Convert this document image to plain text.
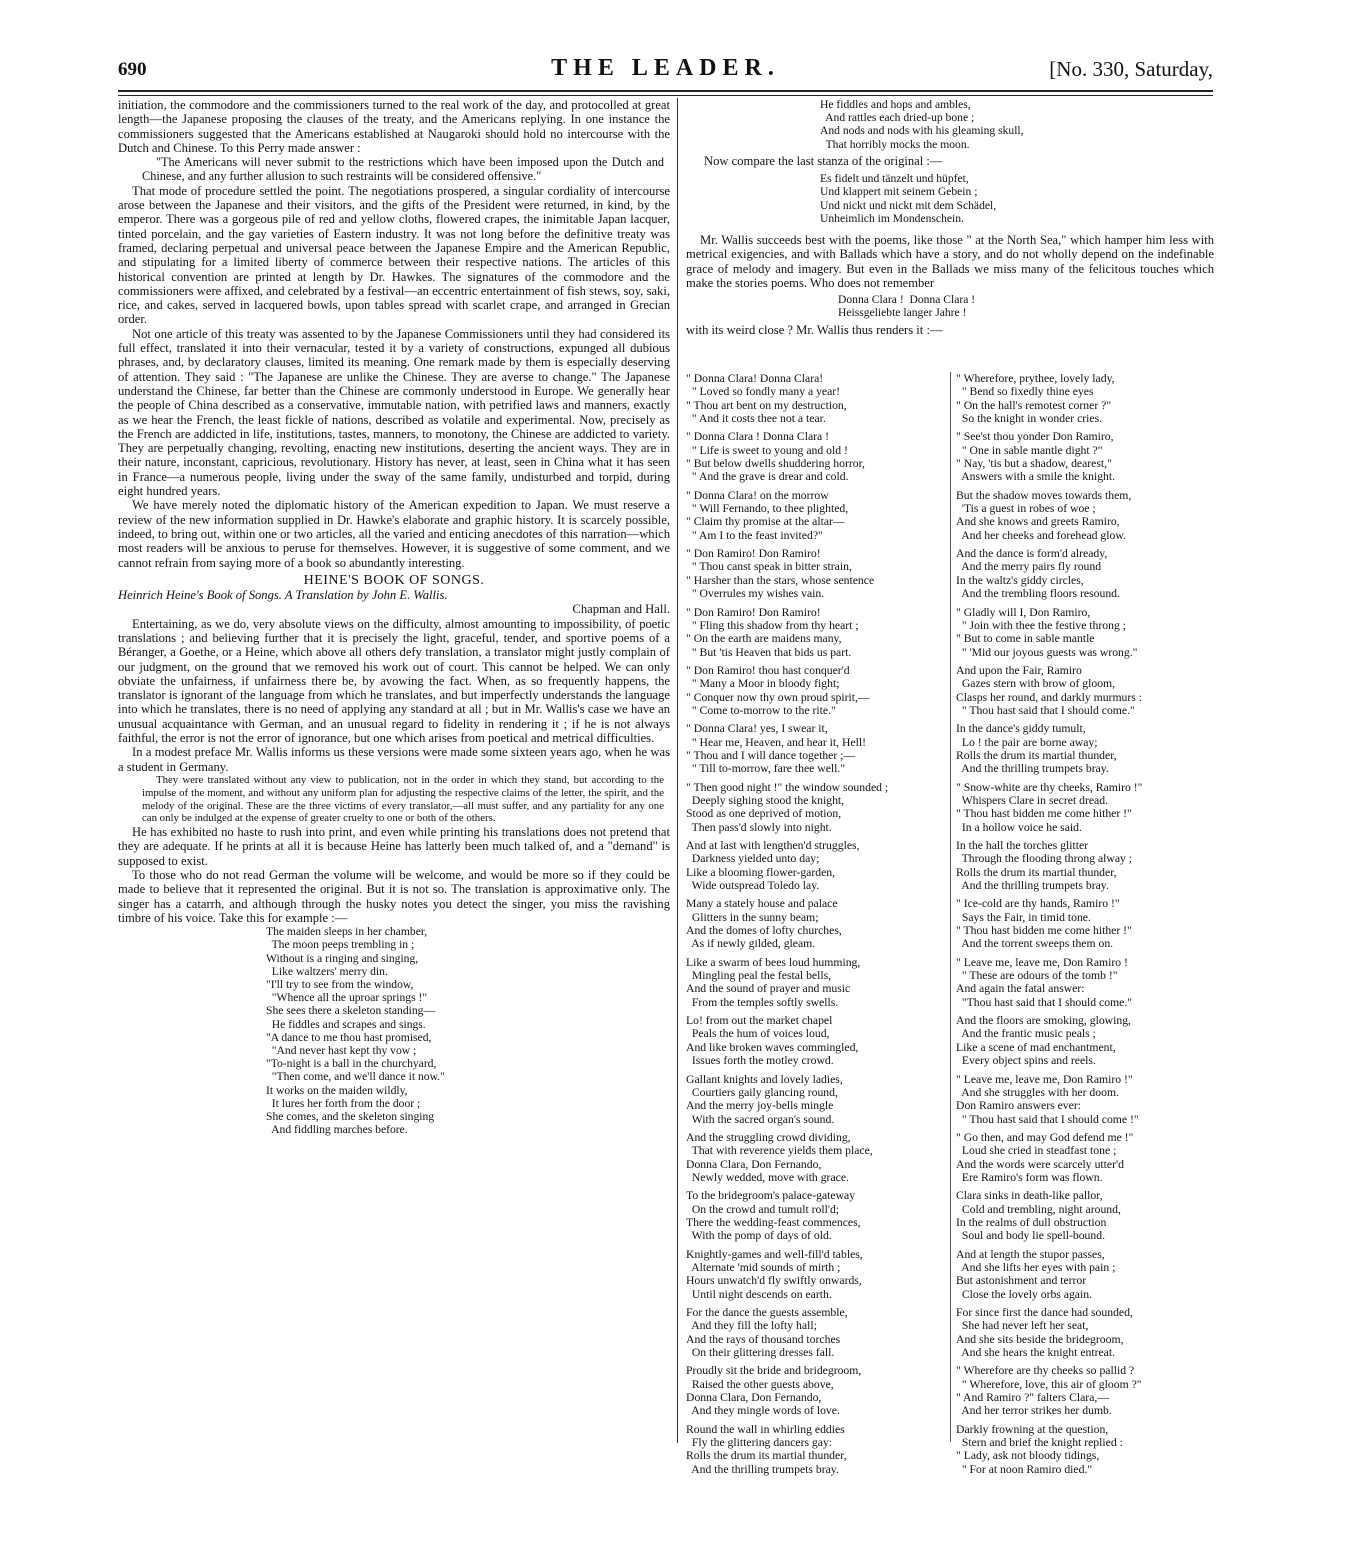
690	THE LEADER.	[No. 330, Saturday,

initiation, the commodore and the commissioners turned to the real work of the day, and protocolled at great length—the Japanese proposing the clauses of the treaty, and the Americans replying. In one instance the commissioners suggested that the Americans established at Naugaroki should hold no intercourse with the Dutch and Chinese. To this Perry made answer :

"The Americans will never submit to the restrictions which have been imposed upon the Dutch and Chinese, and any further allusion to such restraints will be considered offensive."

That mode of procedure settled the point. The negotiations prospered, a singular cordiality of intercourse arose between the Japanese and their visitors, and the gifts of the President were returned, in kind, by the emperor. There was a gorgeous pile of red and yellow cloths, flowered crapes, the inimitable Japan lacquer, tinted porcelain, and the gay varieties of Eastern industry. It was not long before the definitive treaty was framed, declaring perpetual and universal peace between the Japanese Empire and the American Republic, and stipulating for a limited liberty of commerce between their respective nations. The articles of this historical convention are printed at length by Dr. Hawkes. The signatures of the commodore and the commissioners were affixed, and celebrated by a festival—an eccentric entertainment of fish stews, soy, saki, rice, and cakes, served in lacquered bowls, upon tables spread with scarlet crape, and arranged in Grecian order.

Not one article of this treaty was assented to by the Japanese Commissioners until they had considered its full effect, translated it into their vernacular, tested it by a variety of constructions, expunged all dubious phrases, and, by declaratory clauses, limited its meaning. One remark made by them is especially deserving of attention. They said : "The Japanese are unlike the Chinese. They are averse to change." The Japanese understand the Chinese, far better than the Chinese are commonly understood in Europe. We generally hear the people of China described as a conservative, immutable nation, with petrified laws and manners, exactly as we hear the French, the least fickle of nations, described as volatile and experimental. Now, precisely as the French are addicted in life, institutions, tastes, manners, to monotony, the Chinese are addicted to variety. They are perpetually changing, revolting, enacting new institutions, deserting the ancient ways. They are in their nature, inconstant, capricious, revolutionary. History has never, at least, seen in China what it has seen in France—a numerous people, living under the sway of the same family, undisturbed and torpid, during eight hundred years.

We have merely noted the diplomatic history of the American expedition to Japan. We must reserve a review of the new information supplied in Dr. Hawke's elaborate and graphic history. It is scarcely possible, indeed, to bring out, within one or two articles, all the varied and enticing anecdotes of this narration—which most readers will be anxious to peruse for themselves. However, it is suggestive of some comment, and we cannot refrain from saying more of a book so abundantly interesting.

HEINE'S BOOK OF SONGS.

Heinrich Heine's Book of Songs. A Translation by John E. Wallis.

Chapman and Hall.

Entertaining, as we do, very absolute views on the difficulty, almost amounting to impossibility, of poetic translations ; and believing further that it is precisely the light, graceful, tender, and sportive poems of a Béranger, a Goethe, or a Heine, which above all others defy translation, a translator might justly complain of our judgment, on the ground that we removed his work out of court. This cannot be helped. We can only obviate the unfairness, if unfairness there be, by avowing the fact. When, as so frequently happens, the translator is ignorant of the language from which he translates, and but imperfectly understands the language into which he translates, there is no need of applying any standard at all ; but in Mr. Wallis's case we have an unusual acquaintance with German, and an unusual regard to fidelity in rendering it ; if he is not always faithful, the error is not the error of ignorance, but one which arises from poetical and metrical difficulties.

In a modest preface Mr. Wallis informs us these versions were made some sixteen years ago, when he was a student in Germany.

They were translated without any view to publication, not in the order in which they stand, but according to the impulse of the moment, and without any uniform plan for adjusting the respective claims of the letter, the spirit, and the melody of the original. These are the three victims of every translator,—all must suffer, and any partiality for any one can only be indulged at the expense of greater cruelty to one or both of the others.

He has exhibited no haste to rush into print, and even while printing his translations does not pretend that they are adequate. If he prints at all it is because Heine has latterly been much talked of, and a "demand" is supposed to exist.

To those who do not read German the volume will be welcome, and would be more so if they could be made to believe that it represented the original. But it is not so. The translation is approximative only. The singer has a catarrh, and although through the husky notes you detect the singer, you miss the ravishing timbre of his voice. Take this for example :—

The maiden sleeps in her chamber,
The moon peeps trembling in ;
Without is a ringing and singing,
Like waltzers' merry din.
"I'll try to see from the window,
"Whence all the uproar springs !"
She sees there a skeleton standing—
He fiddles and scrapes and sings.
"A dance to me thou hast promised,
"And never hast kept thy vow ;
"To-night is a ball in the churchyard,
"Then come, and we'll dance it now."
It works on the maiden wildly,
It lures her forth from the door ;
She comes, and the skeleton singing
And fiddling marches before.
He fiddles and hops and ambles,
And rattles each dried-up bone ;
And nods and nods with his gleaming skull,
That horribly mocks the moon.

Now compare the last stanza of the original :—

Es fidelt und tänzelt und hüpfet,
Und klappert mit seinem Gebein ;
Und nickt und nickt mit dem Schädel,
Unheimlich im Mondenschein.

Mr. Wallis succeeds best with the poems, like those " at the North Sea," which hamper him less with metrical exigencies, and with Ballads which have a story, and do not wholly depend on the indefinable grace of melody and imagery. But even in the Ballads we miss many of the felicitous touches which make the stories poems. Who does not remember

Donna Clara !  Donna Clara !
Heissgeliebte langer Jahre !

with its weird close ? Mr. Wallis thus renders it :—

" Donna Clara! Donna Clara!
" Loved so fondly many a year!
" Thou art bent on my destruction,
" And it costs thee not a tear.
" Donna Clara ! Donna Clara !
" Life is sweet to young and old !
" But below dwells shuddering horror,
" And the grave is drear and cold.
" Donna Clara! on the morrow
" Will Fernando, to thee plighted,
" Claim thy promise at the altar—
" Am I to the feast invited?"
" Don Ramiro! Don Ramiro!
" Thou canst speak in bitter strain,
" Harsher than the stars, whose sentence
" Overrules my wishes vain.
" Don Ramiro! Don Ramiro!
" Fling this shadow from thy heart ;
" On the earth are maidens many,
" But 'tis Heaven that bids us part.
" Don Ramiro! thou hast conquer'd
" Many a Moor in bloody fight;
" Conquer now thy own proud spirit,—
" Come to-morrow to the rite."
" Donna Clara! yes, I swear it,
" Hear me, Heaven, and hear it, Hell!
" Thou and I will dance together ;—
" Till to-morrow, fare thee well."
" Then good night !" the window sounded ;
Deeply sighing stood the knight,
Stood as one deprived of motion,
Then pass'd slowly into night.
And at last with lengthen'd struggles,
Darkness yielded unto day;
Like a blooming flower-garden,
Wide outspread Toledo lay.
Many a stately house and palace
Glitters in the sunny beam;
And the domes of lofty churches,
As if newly gilded, gleam.
Like a swarm of bees loud humming,
Mingling peal the festal bells,
And the sound of prayer and music
From the temples softly swells.
Lo! from out the market chapel
Peals the hum of voices loud,
And like broken waves commingled,
Issues forth the motley crowd.
Gallant knights and lovely ladies,
Courtiers gaily glancing round,
And the merry joy-bells mingle
With the sacred organ's sound.
And the struggling crowd dividing,
That with reverence yields them place,
Donna Clara, Don Fernando,
Newly wedded, move with grace.
To the bridegroom's palace-gateway
On the crowd and tumult roll'd;
There the wedding-feast commences,
With the pomp of days of old.
Knightly-games and well-fill'd tables,
Alternate 'mid sounds of mirth ;
Hours unwatch'd fly swiftly onwards,
Until night descends on earth.
For the dance the guests assemble,
And they fill the lofty hall;
And the rays of thousand torches
On their glittering dresses fall.
Proudly sit the bride and bridegroom,
Raised the other guests above,
Donna Clara, Don Fernando,
And they mingle words of love.
Round the wall in whirling eddies
Fly the glittering dancers gay:
Rolls the drum its martial thunder,
And the thrilling trumpets bray.
" Wherefore, prythee, lovely lady,
" Bend so fixedly thine eyes
" On the hall's remotest corner ?"
So the knight in wonder cries.
" See'st thou yonder Don Ramiro,
" One in sable mantle dight ?"
" Nay, 'tis but a shadow, dearest,"
Answers with a smile the knight.
But the shadow moves towards them,
'Tis a guest in robes of woe ;
And she knows and greets Ramiro,
And her cheeks and forehead glow.
And the dance is form'd already,
And the merry pairs fly round
In the waltz's giddy circles,
And the trembling floors resound.
" Gladly will I, Don Ramiro,
" Join with thee the festive throng ;
" But to come in sable mantle
" 'Mid our joyous guests was wrong."
And upon the Fair, Ramiro
Gazes stern with brow of gloom,
Clasps her round, and darkly murmurs :
" Thou hast said that I should come."
In the dance's giddy tumult,
Lo ! the pair are borne away;
Rolls the drum its martial thunder,
And the thrilling trumpets bray.
" Snow-white are thy cheeks, Ramiro !"
Whispers Clare in secret dread.
" Thou hast bidden me come hither !"
In a hollow voice he said.
In the hall the torches glitter
Through the flooding throng alway ;
Rolls the drum its martial thunder,
And the thrilling trumpets bray.
" Ice-cold are thy hands, Ramiro !"
Says the Fair, in timid tone.
" Thou hast bidden me come hither !"
And the torrent sweeps them on.
" Leave me, leave me, Don Ramiro !
" These are odours of the tomb !"
And again the fatal answer:
"Thou hast said that I should come."
And the floors are smoking, glowing,
And the frantic music peals ;
Like a scene of mad enchantment,
Every object spins and reels.
" Leave me, leave me, Don Ramiro !"
And she struggles with her doom.
Don Ramiro answers ever:
" Thou hast said that I should come !"
" Go then, and may God defend me !"
Loud she cried in steadfast tone ;
And the words were scarcely utter'd
Ere Ramiro's form was flown.
Clara sinks in death-like pallor,
Cold and trembling, night around,
In the realms of dull obstruction
Soul and body lie spell-bound.
And at length the stupor passes,
And she lifts her eyes with pain ;
But astonishment and terror
Close the lovely orbs again.
For since first the dance had sounded,
She had never left her seat,
And she sits beside the bridegroom,
And she hears the knight entreat.
" Wherefore are thy cheeks so pallid ?
" Wherefore, love, this air of gloom ?"
" And Ramiro ?" falters Clara,—
And her terror strikes her dumb.
Darkly frowning at the question,
Stern and brief the knight replied :
" Lady, ask not bloody tidings,
" For at noon Ramiro died."
